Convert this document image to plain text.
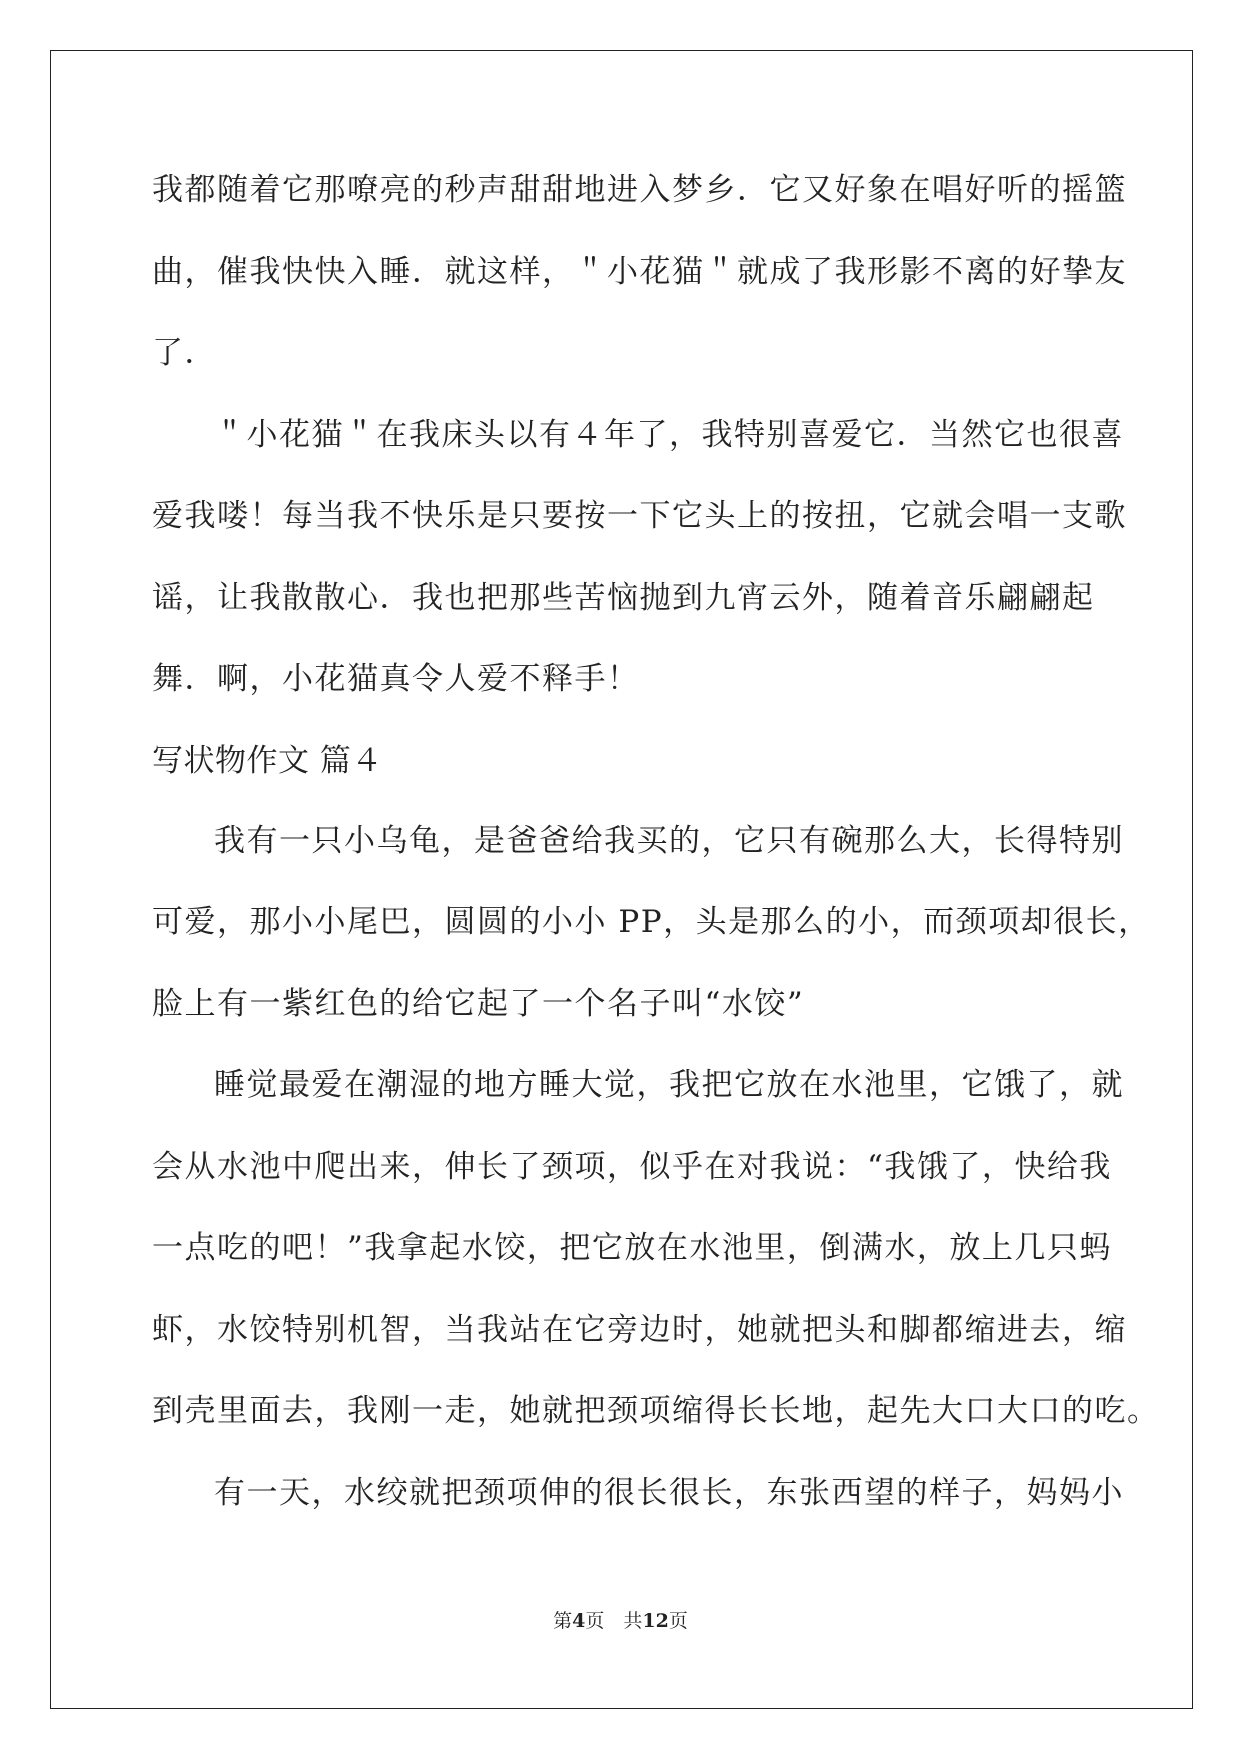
我都随着它那嘹亮的秒声甜甜地进入梦乡．它又好象在唱好听的摇篮
曲，催我快快入睡．就这样，＂小花猫＂就成了我形影不离的好挚友
了．
＂小花猫＂在我床头以有４年了，我特别喜爱它．当然它也很喜
爱我喽！每当我不快乐是只要按一下它头上的按扭，它就会唱一支歌
谣，让我散散心．我也把那些苦恼抛到九宵云外，随着音乐翩翩起
舞．啊，小花猫真令人爱不释手！
写状物作文 篇４
我有一只小乌龟，是爸爸给我买的，它只有碗那么大，长得特别
可爱，那小小尾巴，圆圆的小小 PP，头是那么的小，而颈项却很长，
脸上有一紫红色的给它起了一个名子叫“水饺”
睡觉最爱在潮湿的地方睡大觉，我把它放在水池里，它饿了，就
会从水池中爬出来，伸长了颈项，似乎在对我说：“我饿了，快给我
一点吃的吧！”我拿起水饺，把它放在水池里，倒满水，放上几只蚂
虾，水饺特别机智，当我站在它旁边时，她就把头和脚都缩进去，缩
到壳里面去，我刚一走，她就把颈项缩得长长地，起先大口大口的吃。
有一天，水绞就把颈项伸的很长很长，东张西望的样子，妈妈小
第4页　共12页
